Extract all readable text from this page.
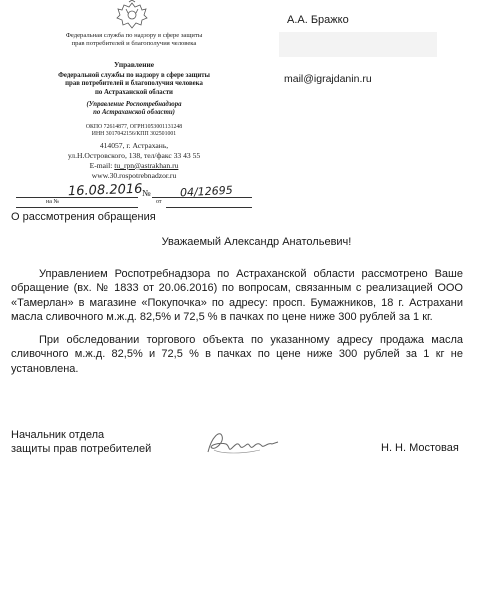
Федеральная служба по надзору в сфере защиты
прав потребителей и благополучия человека
Управление
Федеральной службы по надзору в сфере защиты
прав потребителей и благополучия человека
по Астраханской области
(Управление Роспотребнадзора
по Астраханской области)
ОКПО 72614877, ОГРН1053001131248
ИНН 3017042156/КПП 302501001
414057, г. Астрахань,
ул.Н.Островского, 138, тел/факс 33 43 55
E-mail: tu_rpn@astrakhan.ru
www.30.rospotrebnadzor.ru
16.08.2016 №	04/12695
на №	от
А.А. Бражко
mail@igrajdanin.ru
О рассмотрения обращения
Уважаемый Александр Анатольевич!

Управлением Роспотребнадзора по Астраханской области рассмотрено Ваше обращение (вх. № 1833 от 20.06.2016) по вопросам, связанным с реализацией ООО «Тамерлан» в магазине «Покупочка» по адресу: просп. Бумажников, 18 г. Астрахани масла сливочного м.ж.д. 82,5% и 72,5 % в пачках по цене ниже 300 рублей за 1 кг.

При обследовании торгового объекта по указанному адресу продажа масла сливочного м.ж.д. 82,5% и 72,5 % в пачках по цене ниже 300 рублей за 1 кг не установлена.

Начальник отдела
защиты прав потребителей	Н. Н. Мостовая
